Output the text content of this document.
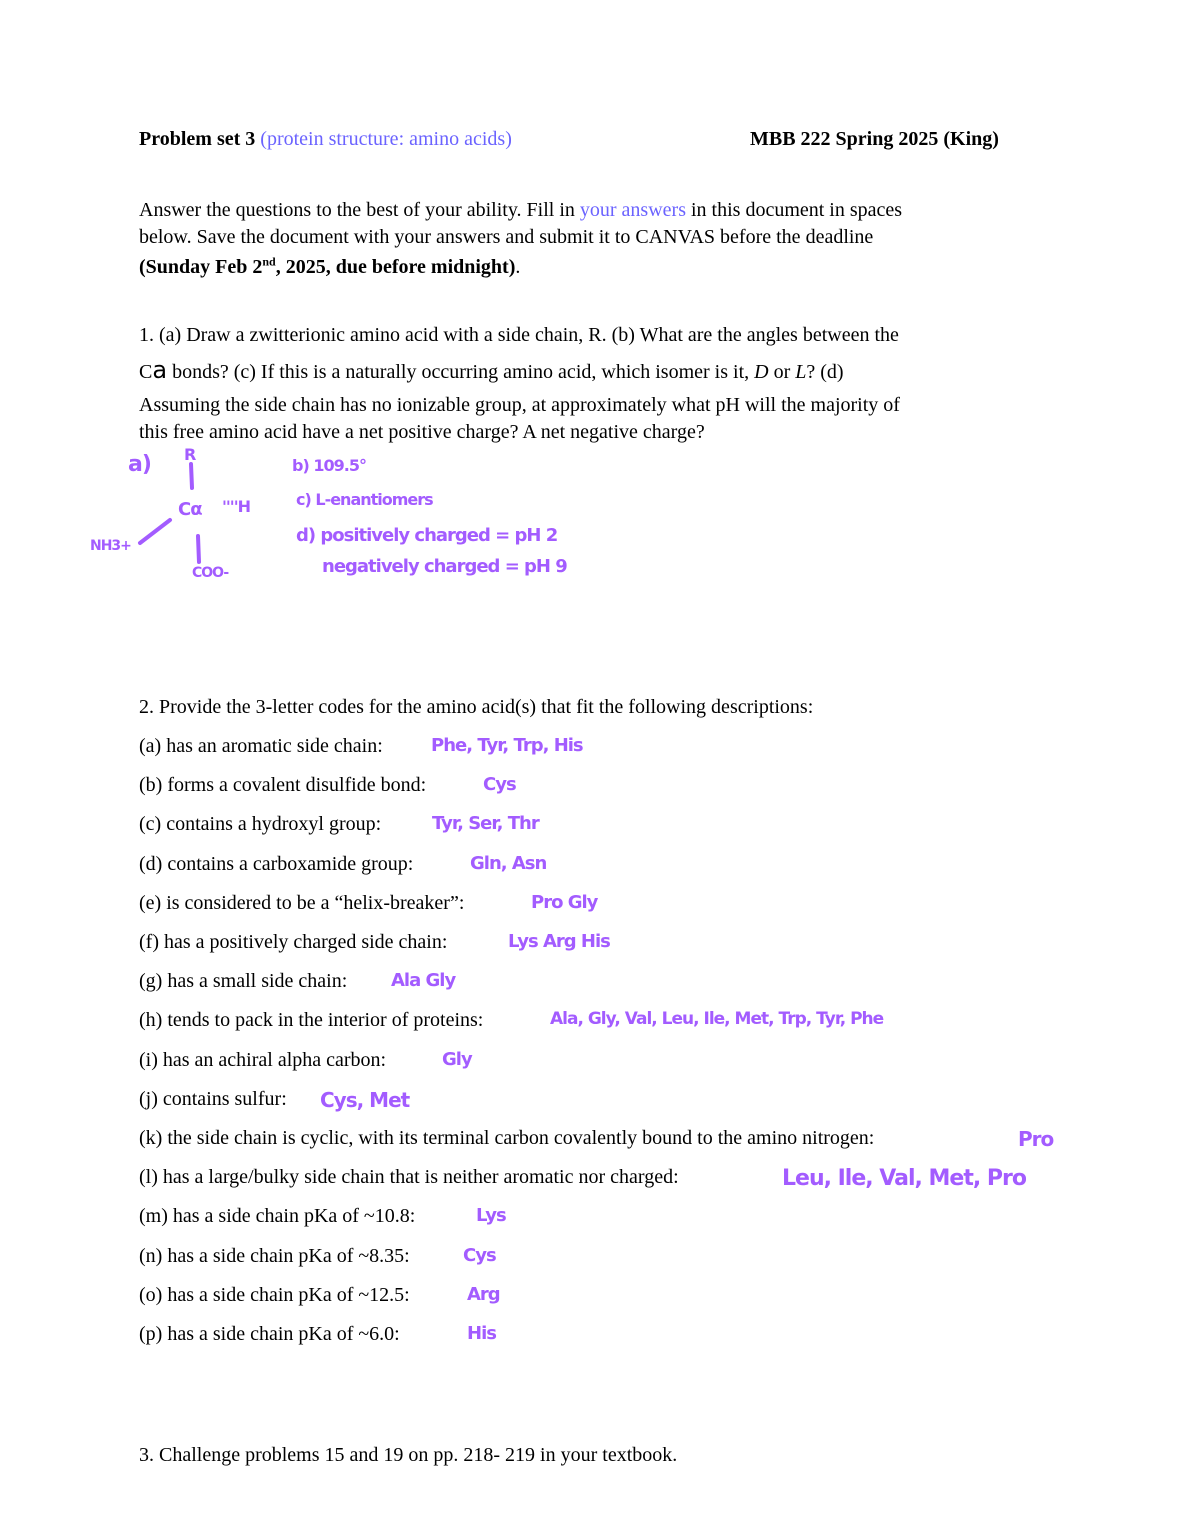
Problem set 3 (protein structure: amino acids)	MBB 222 Spring 2025 (King)
Answer the questions to the best of your ability. Fill in your answers in this document in spaces
below. Save the document with your answers and submit it to CANVAS before the deadline
(Sunday Feb 2nd, 2025, due before midnight).
1. (a) Draw a zwitterionic amino acid with a side chain, R. (b) What are the angles between the
Ca bonds? (c) If this is a naturally occurring amino acid, which isomer is it, D or L? (d)
Assuming the side chain has no ionizable group, at approximately what pH will the majority of
this free amino acid have a net positive charge? A net negative charge?
a) R
Cα ''''H
NH3+
COO-
b) 109.5°
c) L-enantiomers
d) positively charged = pH 2
negatively charged = pH 9
2. Provide the 3-letter codes for the amino acid(s) that fit the following descriptions:
(a) has an aromatic side chain:	Phe, Tyr, Trp, His
(b) forms a covalent disulfide bond:	Cys
(c) contains a hydroxyl group:	Tyr, Ser, Thr
(d) contains a carboxamide group:	Gln, Asn
(e) is considered to be a “helix-breaker”:	Pro Gly
(f) has a positively charged side chain:	Lys Arg His
(g) has a small side chain: Ala Gly
(h) tends to pack in the interior of proteins:	Ala, Gly, Val, Leu, Ile, Met, Trp, Tyr, Phe
(i) has an achiral alpha carbon:	Gly
(j) contains sulfur: Cys, Met
(k) the side chain is cyclic, with its terminal carbon covalently bound to the amino nitrogen:	Pro
(l) has a large/bulky side chain that is neither aromatic nor charged:	Leu, Ile, Val, Met, Pro
(m) has a side chain pKa of ~10.8:	Lys
(n) has a side chain pKa of ~8.35:	Cys
(o) has a side chain pKa of ~12.5:	Arg
(p) has a side chain pKa of ~6.0:	His
3. Challenge problems 15 and 19 on pp. 218- 219 in your textbook.
